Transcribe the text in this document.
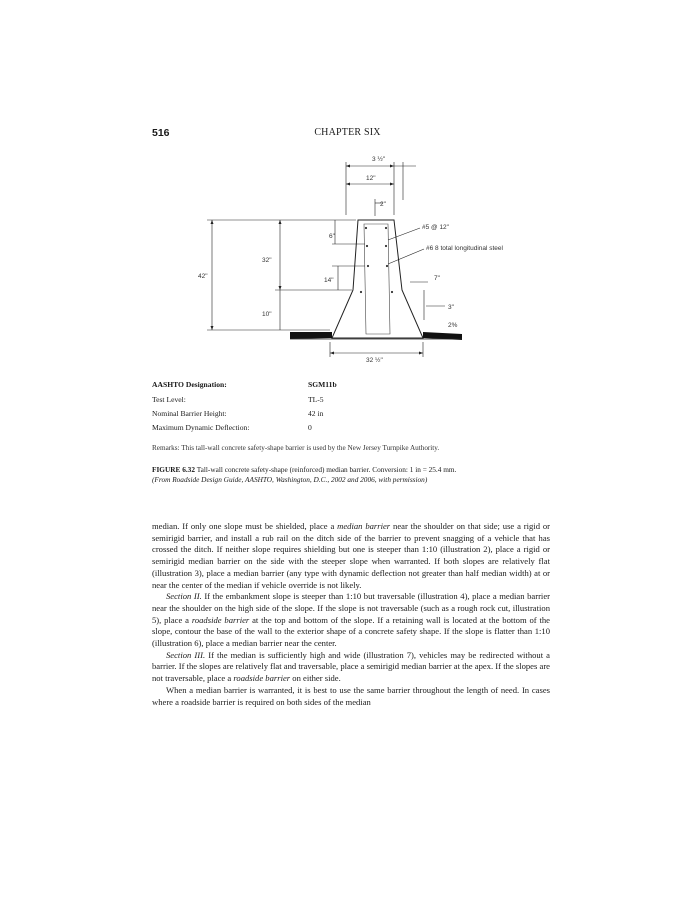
516	CHAPTER SIX
3 ½"
12"
2"
6"
32"
42"
14"
10"
7"
3"
2%
32 ½"
#5 @ 12"
#6 8 total longitudinal steel
AASHTO Designation:	SGM11b
Test Level:	TL-5
Nominal Barrier Height:	42 in
Maximum Dynamic Deflection:	0
Remarks: This tall-wall concrete safety-shape barrier is used by the New Jersey Turnpike Authority.
FIGURE 6.32 Tall-wall concrete safety-shape (reinforced) median barrier. Conversion: 1 in = 25.4 mm.
(From Roadside Design Guide, AASHTO, Washington, D.C., 2002 and 2006, with permission)

median. If only one slope must be shielded, place a median barrier near the shoulder on that side; use a rigid or semirigid barrier, and install a rub rail on the ditch side of the barrier to prevent snagging of a vehicle that has crossed the ditch. If neither slope requires shielding but one is steeper than 1:10 (illustration 2), place a rigid or semirigid median barrier on the side with the steeper slope when warranted. If both slopes are relatively flat (illustration 3), place a median barrier (any type with dynamic deflection not greater than half median width) at or near the center of the median if vehicle override is not likely.

Section II. If the embankment slope is steeper than 1:10 but traversable (illustration 4), place a median barrier near the shoulder on the high side of the slope. If the slope is not traversable (such as a rough rock cut, illustration 5), place a roadside barrier at the top and bottom of the slope. If a retaining wall is located at the bottom of the slope, contour the base of the wall to the exterior shape of a concrete safety shape. If the slope is flatter than 1:10 (illustration 6), place a median barrier near the center.

Section III. If the median is sufficiently high and wide (illustration 7), vehicles may be redirected without a barrier. If the slopes are relatively flat and traversable, place a semirigid median barrier at the apex. If the slopes are not traversable, place a roadside barrier on either side.

When a median barrier is warranted, it is best to use the same barrier throughout the length of need. In cases where a roadside barrier is required on both sides of the median
